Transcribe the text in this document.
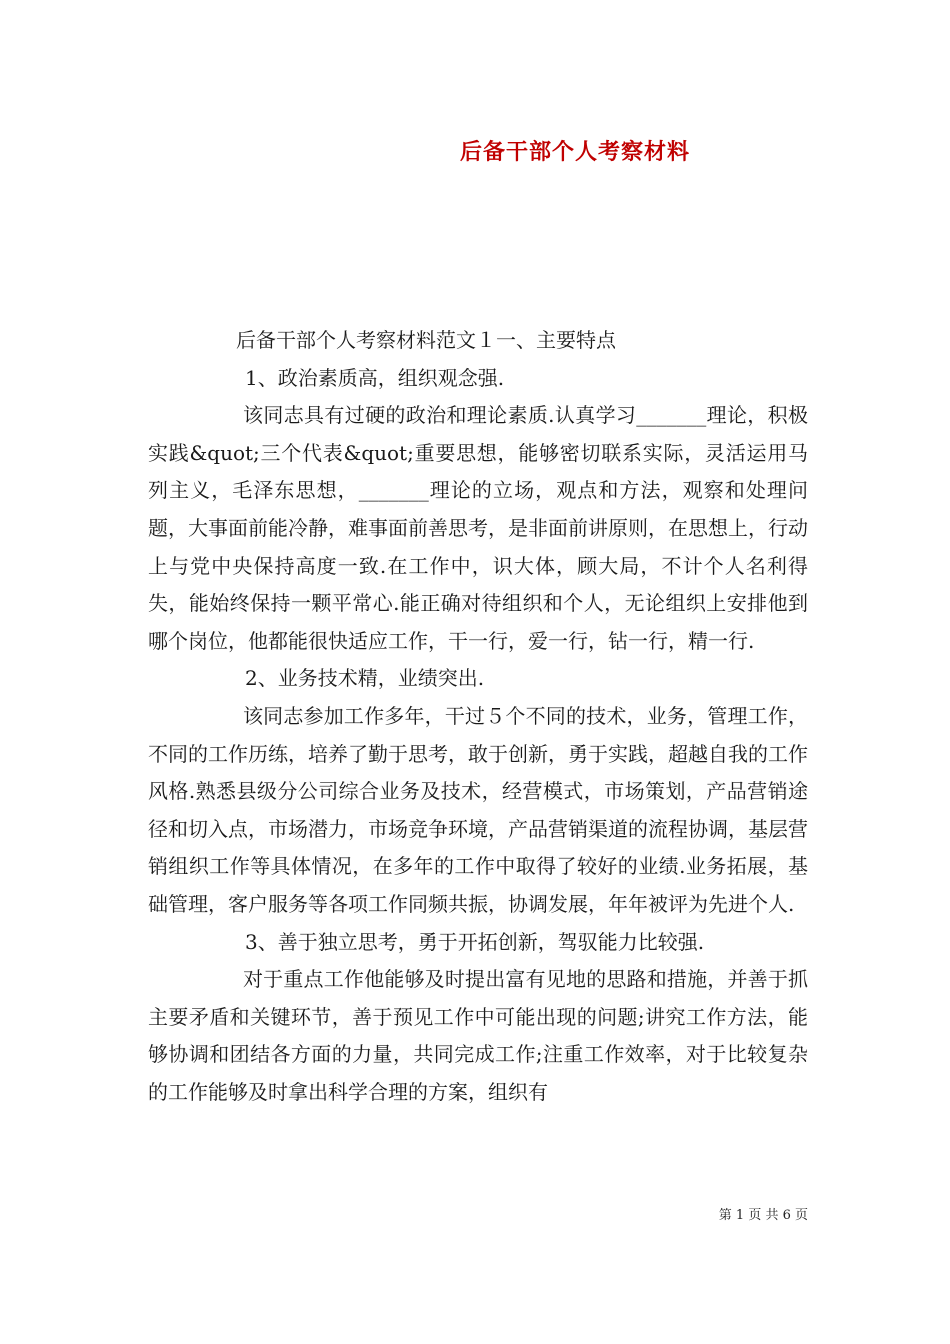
后备干部个人考察材料

后备干部个人考察材料范文１一、主要特点

1、政治素质高，组织观念强.

该同志具有过硬的政治和理论素质.认真学习_______理论，积极实践&quot;三个代表&quot;重要思想，能够密切联系实际，灵活运用马列主义，毛泽东思想，_______理论的立场，观点和方法，观察和处理问题，大事面前能冷静，难事面前善思考，是非面前讲原则，在思想上，行动上与党中央保持高度一致.在工作中，识大体，顾大局，不计个人名利得失，能始终保持一颗平常心.能正确对待组织和个人，无论组织上安排他到哪个岗位，他都能很快适应工作，干一行，爱一行，钻一行，精一行.

2、业务技术精，业绩突出.

该同志参加工作多年，干过５个不同的技术，业务，管理工作，不同的工作历练，培养了勤于思考，敢于创新，勇于实践，超越自我的工作风格.熟悉县级分公司综合业务及技术，经营模式，市场策划，产品营销途径和切入点，市场潜力，市场竞争环境，产品营销渠道的流程协调，基层营销组织工作等具体情况，在多年的工作中取得了较好的业绩.业务拓展，基础管理，客户服务等各项工作同频共振，协调发展，年年被评为先进个人.

3、善于独立思考，勇于开拓创新，驾驭能力比较强.

对于重点工作他能够及时提出富有见地的思路和措施，并善于抓主要矛盾和关键环节，善于预见工作中可能出现的问题;讲究工作方法，能够协调和团结各方面的力量，共同完成工作;注重工作效率，对于比较复杂的工作能够及时拿出科学合理的方案，组织有

第 1 页 共 6 页
